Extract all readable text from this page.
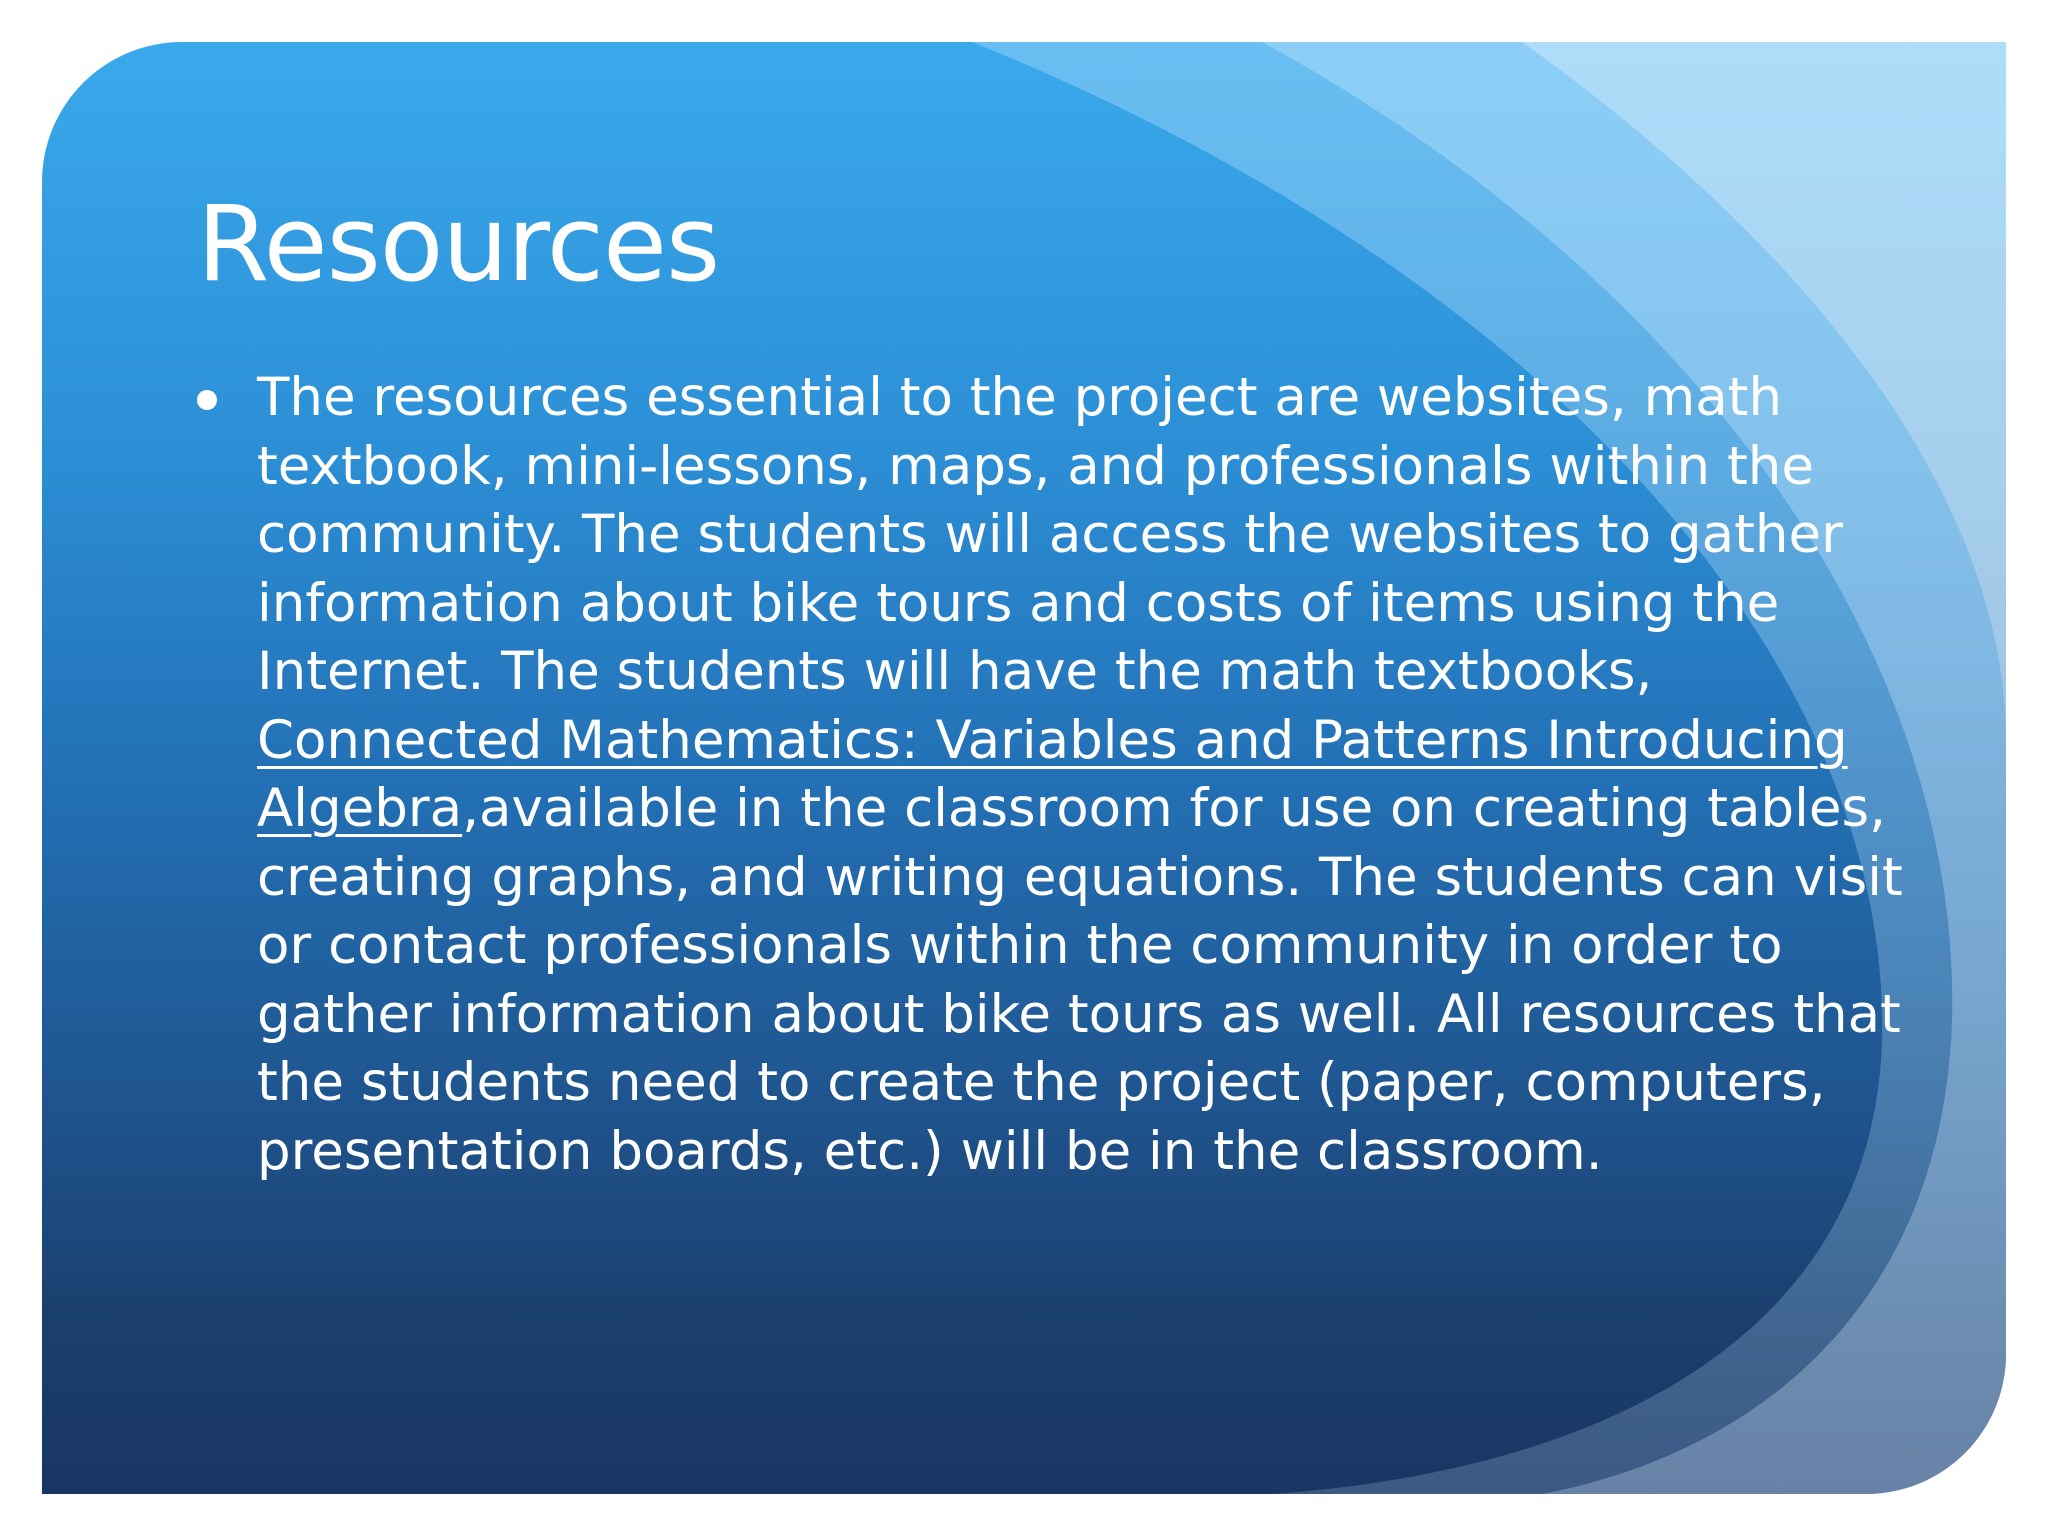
Resources

The resources essential to the project are websites, math textbook, mini-lessons, maps, and professionals within the community. The students will access the websites to gather information about bike tours and costs of items using the Internet. The students will have the math textbooks, Connected Mathematics: Variables and Patterns Introducing Algebra,available in the classroom for use on creating tables, creating graphs, and writing equations. The students can visit or contact professionals within the community in order to gather information about bike tours as well. All resources that the students need to create the project (paper, computers, presentation boards, etc.) will be in the classroom.
